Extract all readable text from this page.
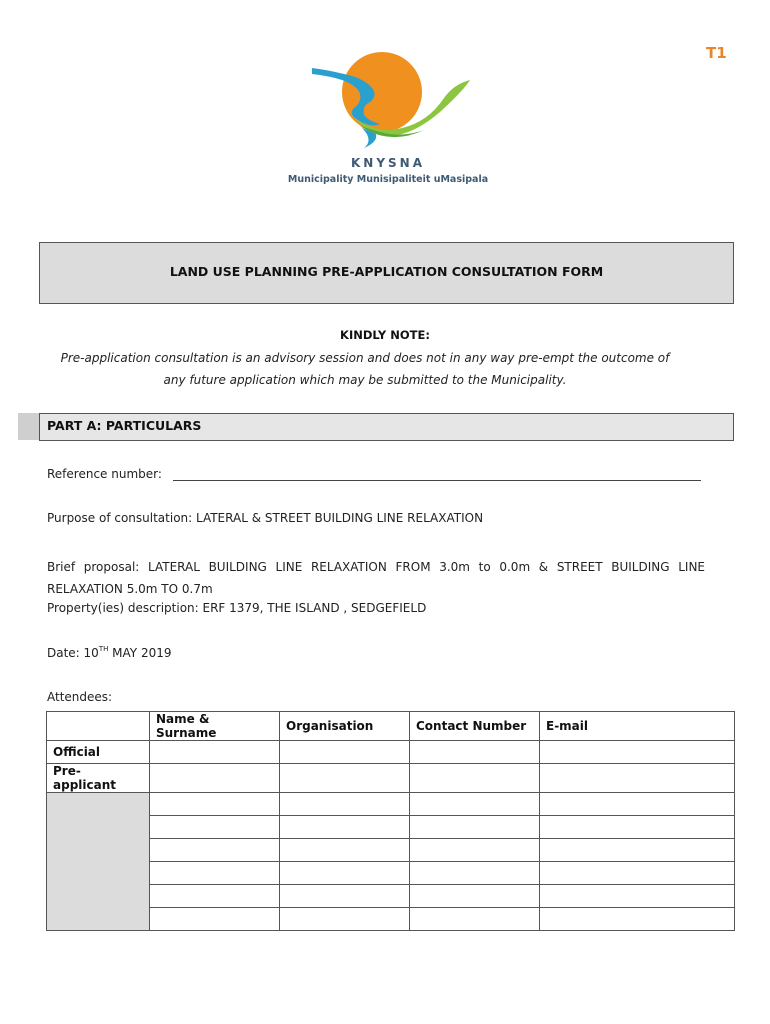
T1
KNYSNA
Municipality Munisipaliteit uMasipala
LAND USE PLANNING PRE-APPLICATION CONSULTATION FORM
KINDLY NOTE:
Pre-application consultation is an advisory session and does not in any way pre-empt the outcome of
any future application which may be submitted to the Municipality.
PART A: PARTICULARS
Reference number:
Purpose of consultation: LATERAL & STREET BUILDING LINE RELAXATION
Brief proposal: LATERAL BUILDING LINE RELAXATION FROM 3.0m to 0.0m & STREET BUILDING LINE
RELAXATION 5.0m TO 0.7m
Property(ies) description: ERF 1379, THE ISLAND , SEDGEFIELD
Date: 10TH MAY 2019
Attendees:
	Name & Surname	Organisation	Contact Number	E-mail
Official				
Pre-applicant				
